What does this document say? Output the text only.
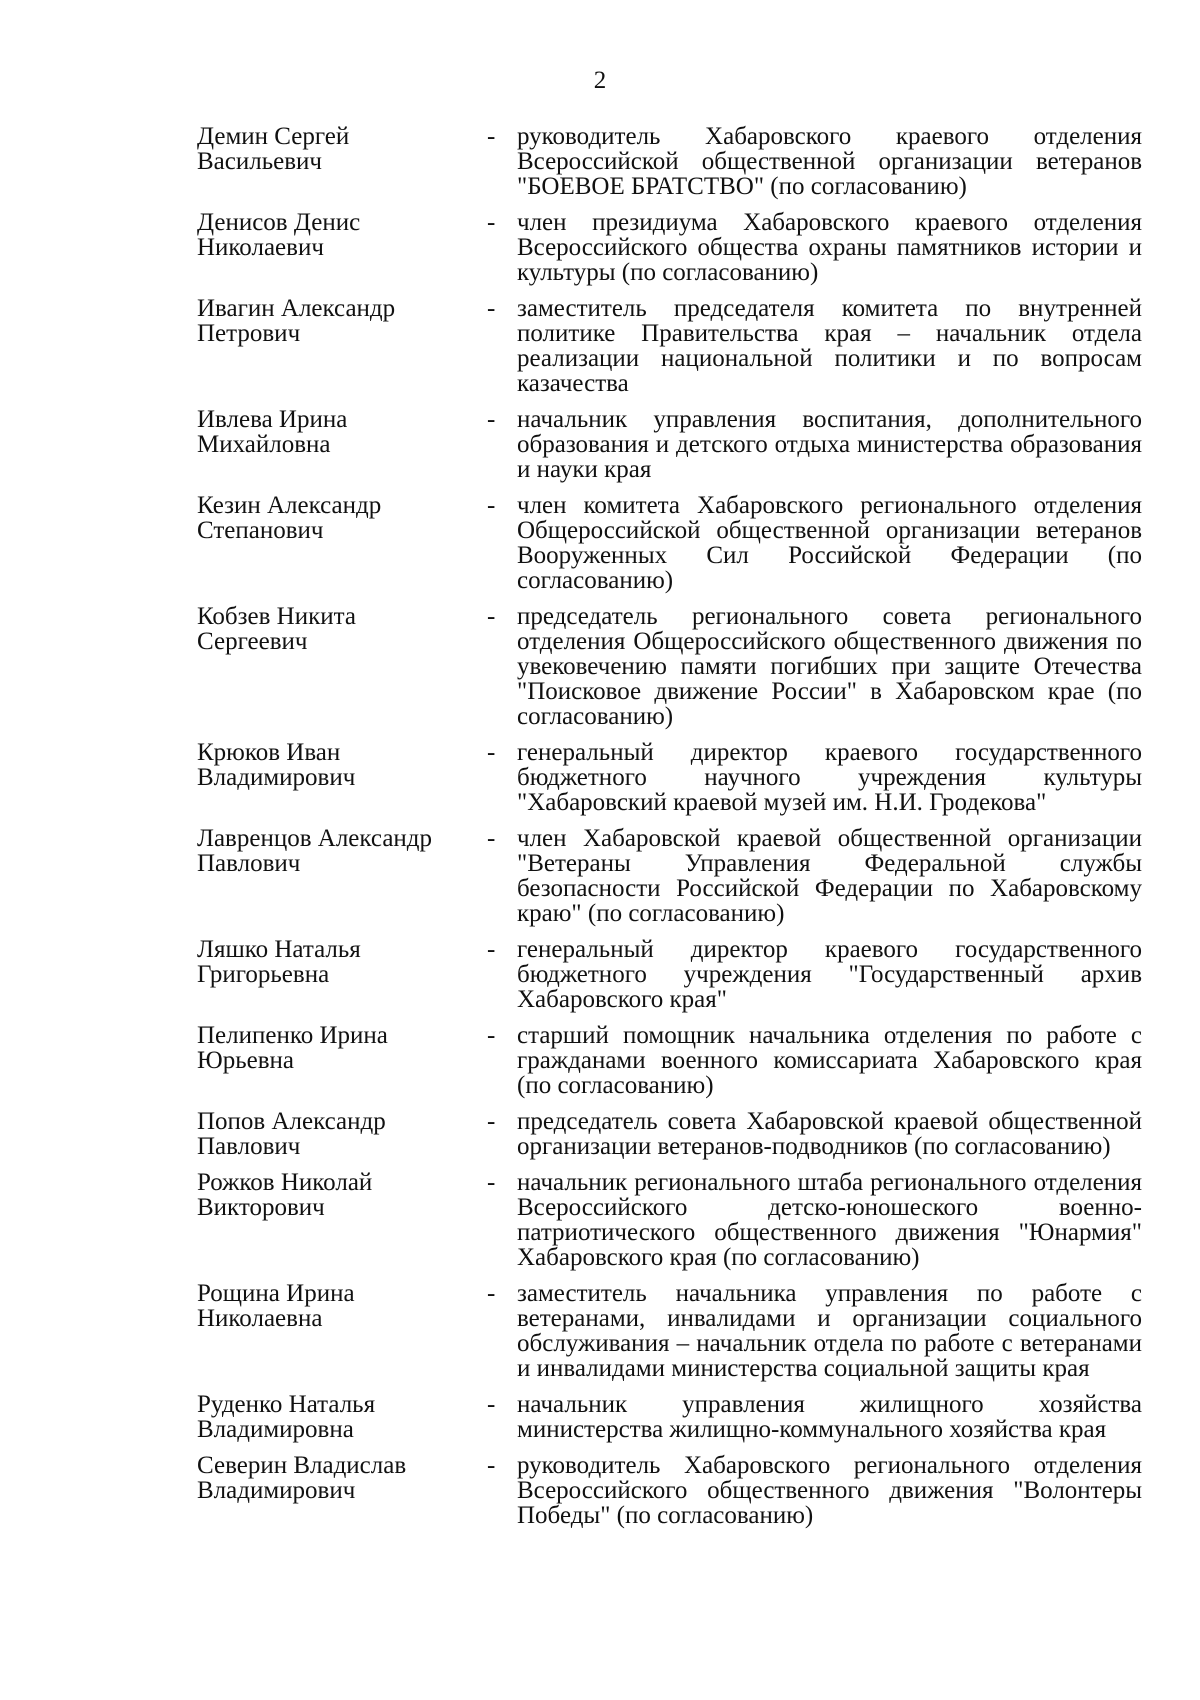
2
Демин Сергей
Васильевич
- руководитель Хабаровского краевого отделения Всероссийской общественной организации ветеранов "БОЕВОЕ БРАТСТВО" (по согласованию)
Денисов Денис
Николаевич
- член президиума Хабаровского краевого отделения Всероссийского общества охраны памятников истории и культуры (по согласованию)
Ивагин Александр
Петрович
- заместитель председателя комитета по внутренней политике Правительства края – начальник отдела реализации национальной политики и по вопросам казачества
Ивлева Ирина
Михайловна
- начальник управления воспитания, дополнительного образования и детского отдыха министерства образования и науки края
Кезин Александр
Степанович
- член комитета Хабаровского регионального отделения Общероссийской общественной организации ветеранов Вооруженных Сил Российской Федерации (по согласованию)
Кобзев Никита
Сергеевич
- председатель регионального совета регионального отделения Общероссийского общественного движения по увековечению памяти погибших при защите Отечества "Поисковое движение России" в Хабаровском крае (по согласованию)
Крюков Иван
Владимирович
- генеральный директор краевого государственного бюджетного научного учреждения культуры "Хабаровский краевой музей им. Н.И. Гродекова"
Лавренцов Александр
Павлович
- член Хабаровской краевой общественной организации "Ветераны Управления Федеральной службы безопасности Российской Федерации по Хабаровскому краю" (по согласованию)
Ляшко Наталья
Григорьевна
- генеральный директор краевого государственного бюджетного учреждения "Государственный архив Хабаровского края"
Пелипенко Ирина
Юрьевна
- старший помощник начальника отделения по работе с гражданами военного комиссариата Хабаровского края (по согласованию)
Попов Александр
Павлович
- председатель совета Хабаровской краевой общественной организации ветеранов-подводников (по согласованию)
Рожков Николай
Викторович
- начальник регионального штаба регионального отделения Всероссийского детско-юношеского военно-патриотического общественного движения "Юнармия" Хабаровского края (по согласованию)
Рощина Ирина
Николаевна
- заместитель начальника управления по работе с ветеранами, инвалидами и организации социального обслуживания – начальник отдела по работе с ветеранами и инвалидами министерства социальной защиты края
Руденко Наталья
Владимировна
- начальник управления жилищного хозяйства министерства жилищно-коммунального хозяйства края
Северин Владислав
Владимирович
- руководитель Хабаровского регионального отделения Всероссийского общественного движения "Волонтеры Победы" (по согласованию)
